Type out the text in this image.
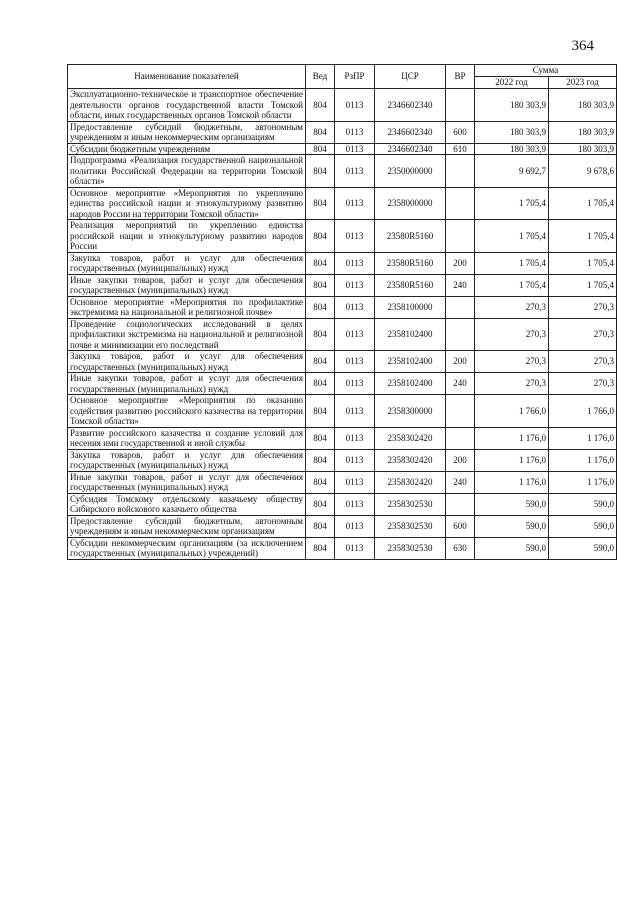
364
Наименование показателей	Вед	РзПР	ЦСР	ВР	Сумма	
					2022 год	2023 год
Эксплуатационно-техническое и транспортное обеспечение деятельности органов государственной власти Томской области, иных государственных органов Томской области	804	0113	2346602340		180 303,9	180 303,9
Предоставление субсидий бюджетным, автономным учреждениям и иным некоммерческим организациям	804	0113	2346602340	600	180 303,9	180 303,9
Субсидии бюджетным учреждениям	804	0113	2346602340	610	180 303,9	180 303,9
Подпрограмма «Реализация государственной национальной политики Российской Федерации на территории Томской области»	804	0113	2350000000		9 692,7	9 678,6
Основное мероприятие «Мероприятия по укреплению единства российской нации и этнокультурному развитию народов России на территории Томской области»	804	0113	2358000000		1 705,4	1 705,4
Реализация мероприятий по укреплению единства российской нации и этнокультурному развитию народов России	804	0113	23580R5160		1 705,4	1 705,4
Закупка товаров, работ и услуг для обеспечения государственных (муниципальных) нужд	804	0113	23580R5160	200	1 705,4	1 705,4
Иные закупки товаров, работ и услуг для обеспечения государственных (муниципальных) нужд	804	0113	23580R5160	240	1 705,4	1 705,4
Основное мероприятие «Мероприятия по профилактике экстремизма на национальной и религиозной почве»	804	0113	2358100000		270,3	270,3
Проведение социологических исследований в целях профилактики экстремизма на национальной и религиозной почве и минимизации его последствий	804	0113	2358102400		270,3	270,3
Закупка товаров, работ и услуг для обеспечения государственных (муниципальных) нужд	804	0113	2358102400	200	270,3	270,3
Иные закупки товаров, работ и услуг для обеспечения государственных (муниципальных) нужд	804	0113	2358102400	240	270,3	270,3
Основное мероприятие «Мероприятия по оказанию содействия развитию российского казачества на территории Томской области»	804	0113	2358300000		1 766,0	1 766,0
Развитие российского казачества и создание условий для несения ими государственной и иной службы	804	0113	2358302420		1 176,0	1 176,0
Закупка товаров, работ и услуг для обеспечения государственных (муниципальных) нужд	804	0113	2358302420	200	1 176,0	1 176,0
Иные закупки товаров, работ и услуг для обеспечения государственных (муниципальных) нужд	804	0113	2358302420	240	1 176,0	1 176,0
Субсидия Томскому отдельскому казачьему обществу Сибирского войскового казачьего общества	804	0113	2358302530		590,0	590,0
Предоставление субсидий бюджетным, автономным учреждениям и иным некоммерческим организациям	804	0113	2358302530	600	590,0	590,0
Субсидии некоммерческим организациям (за исключением государственных (муниципальных) учреждений)	804	0113	2358302530	630	590,0	590,0
